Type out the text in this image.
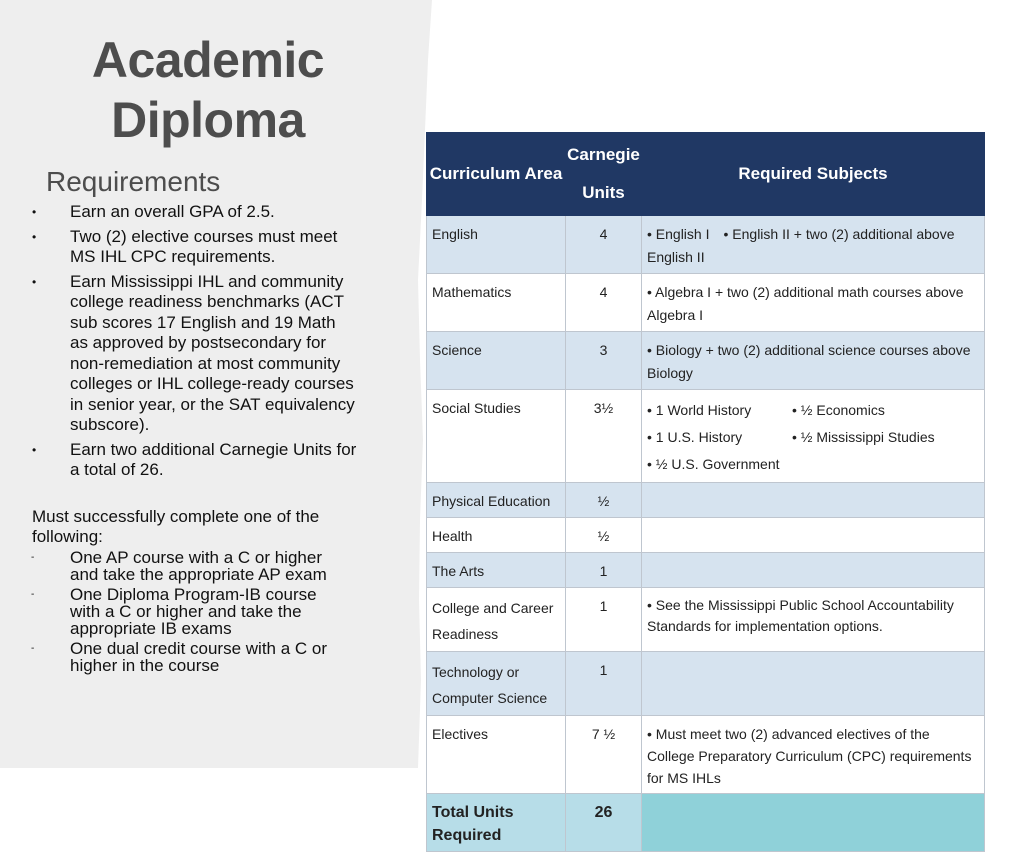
Academic
Diploma
Requirements
• Earn an overall GPA of 2.5.
• Two (2) elective courses must meet MS IHL CPC requirements.
• Earn Mississippi IHL and community college readiness benchmarks (ACT sub scores 17 English and 19 Math as approved by postsecondary for non-remediation at most community colleges or IHL college-ready courses in senior year, or the SAT equivalency subscore).
• Earn two additional Carnegie Units for a total of 26.
Must successfully complete one of the following:
- One AP course with a C or higher and take the appropriate AP exam
- One Diploma Program-IB course with a C or higher and take the appropriate IB exams
- One dual credit course with a C or higher in the course
Curriculum Area	Carnegie Units	Required Subjects
English	4	• English I • English II + two (2) additional above English II
Mathematics	4	• Algebra I + two (2) additional math courses above Algebra I

Science	3	• Biology + two (2) additional science courses above Biology

Social Studies	3½	• 1 World History • ½ Economics
• 1 U.S. History • ½ Mississippi Studies
• ½ U.S. Government

Physical Education	½	
Health	½	
The Arts	1	
College and Career Readiness	1	• See the Mississippi Public School Accountability Standards for implementation options.
Technology or Computer Science	1	
Electives	7 ½	• Must meet two (2) advanced electives of the College Preparatory Curriculum (CPC) requirements for MS IHLs
Total Units Required	26	
